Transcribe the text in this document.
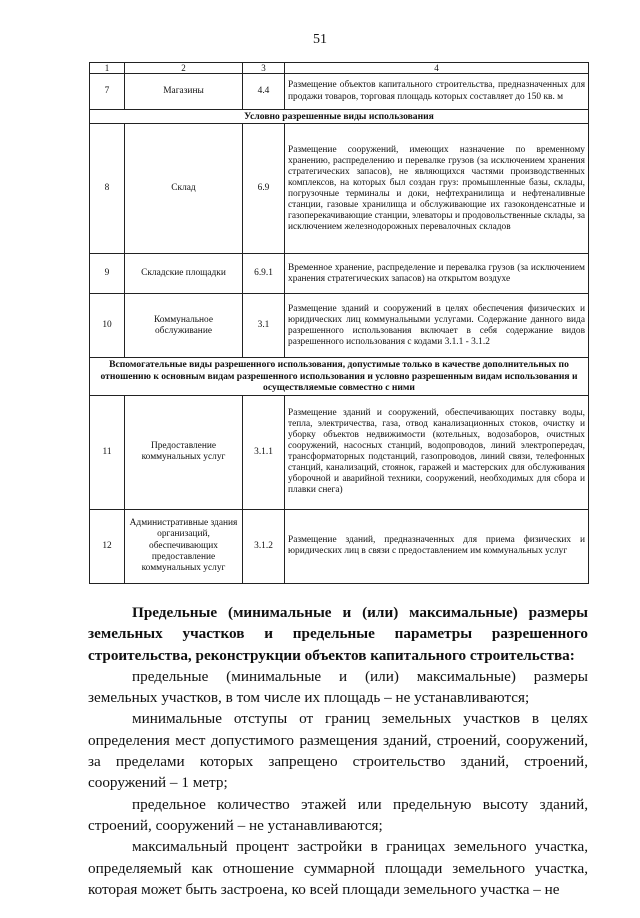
51
1	2	3	4
7	Магазины	4.4	Размещение объектов капитального строительства, предназначенных для продажи товаров, торговая площадь которых составляет до 150 кв. м
Условно разрешенные виды использования			
8	Склад	6.9	Размещение сооружений, имеющих назначение по временному хранению, распределению и перевалке грузов (за исключением хранения стратегических запасов), не являющихся частями производственных комплексов, на которых был создан груз: промышленные базы, склады, погрузочные терминалы и доки, нефтехранилища и нефтеналивные станции, газовые хранилища и обслуживающие их газоконденсатные и газоперекачивающие станции, элеваторы и продовольственные склады, за исключением железнодорожных перевалочных складов
9	Складские площадки	6.9.1	Временное хранение, распределение и перевалка грузов (за исключением хранения стратегических запасов) на открытом воздухе
10	Коммунальное обслуживание	3.1	Размещение зданий и сооружений в целях обеспечения физических и юридических лиц коммунальными услугами. Содержание данного вида разрешенного использования включает в себя содержание видов разрешенного использования с кодами 3.1.1 - 3.1.2
Вспомогательные виды разрешенного использования, допустимые только в качестве дополнительных по отношению к основным видам разрешенного использования и условно разрешенным видам использования и осуществляемые совместно с ними			
11	Предоставление коммунальных услуг	3.1.1	Размещение зданий и сооружений, обеспечивающих поставку воды, тепла, электричества, газа, отвод канализационных стоков, очистку и уборку объектов недвижимости (котельных, водозаборов, очистных сооружений, насосных станций, водопроводов, линий электропередач, трансформаторных подстанций, газопроводов, линий связи, телефонных станций, канализаций, стоянок, гаражей и мастерских для обслуживания уборочной и аварийной техники, сооружений, необходимых для сбора и плавки снега)
12	Административные здания организаций, обеспечивающих предоставление коммунальных услуг	3.1.2	Размещение зданий, предназначенных для приема физических и юридических лиц в связи с предоставлением им коммунальных услуг

Предельные (минимальные и (или) максимальные) размеры земельных участков и предельные параметры разрешенного строительства, реконструкции объектов капитального строительства:

предельные (минимальные и (или) максимальные) размеры земельных участков, в том числе их площадь – не устанавливаются;

минимальные отступы от границ земельных участков в целях определения мест допустимого размещения зданий, строений, сооружений, за пределами которых запрещено строительство зданий, строений, сооружений – 1 метр;

предельное количество этажей или предельную высоту зданий, строений, сооружений – не устанавливаются;

максимальный процент застройки в границах земельного участка, определяемый как отношение суммарной площади земельного участка, которая может быть застроена, ко всей площади земельного участка – не
